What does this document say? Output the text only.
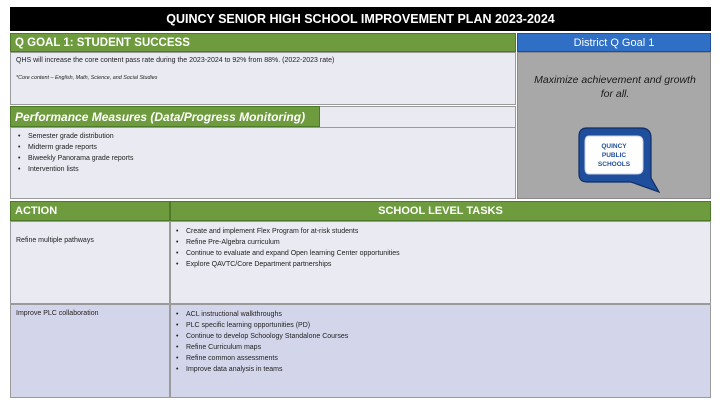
QUINCY SENIOR HIGH SCHOOL IMPROVEMENT PLAN 2023-2024
Q GOAL 1: STUDENT SUCCESS	District Q Goal 1

QHS will increase the core content pass rate during the 2023-2024 to 92% from 88%. (2022-2023 rate)

*Core content – English, Math, Science, and Social Studies

Performance Measures (Data/Progress Monitoring)
• Semester grade distribution
• Midterm grade reports
• Biweekly Panorama grade reports
• Intervention lists
Maximize achievement and growth for all.
QUINCY
PUBLIC
SCHOOLS
ACTION	SCHOOL LEVEL TASKS
Refine multiple pathways
• Create and implement Flex Program for at-risk students
• Refine Pre-Algebra curriculum
• Continue to evaluate and expand Open learning Center opportunities
• Explore QAVTC/Core Department partnerships
Improve PLC collaboration
•	ACL instructional walkthroughs
• PLC specific learning opportunities (PD)
• Continue to develop Schoology Standalone Courses
• Refine Curriculum maps
• Refine common assessments
• Improve data analysis in teams
